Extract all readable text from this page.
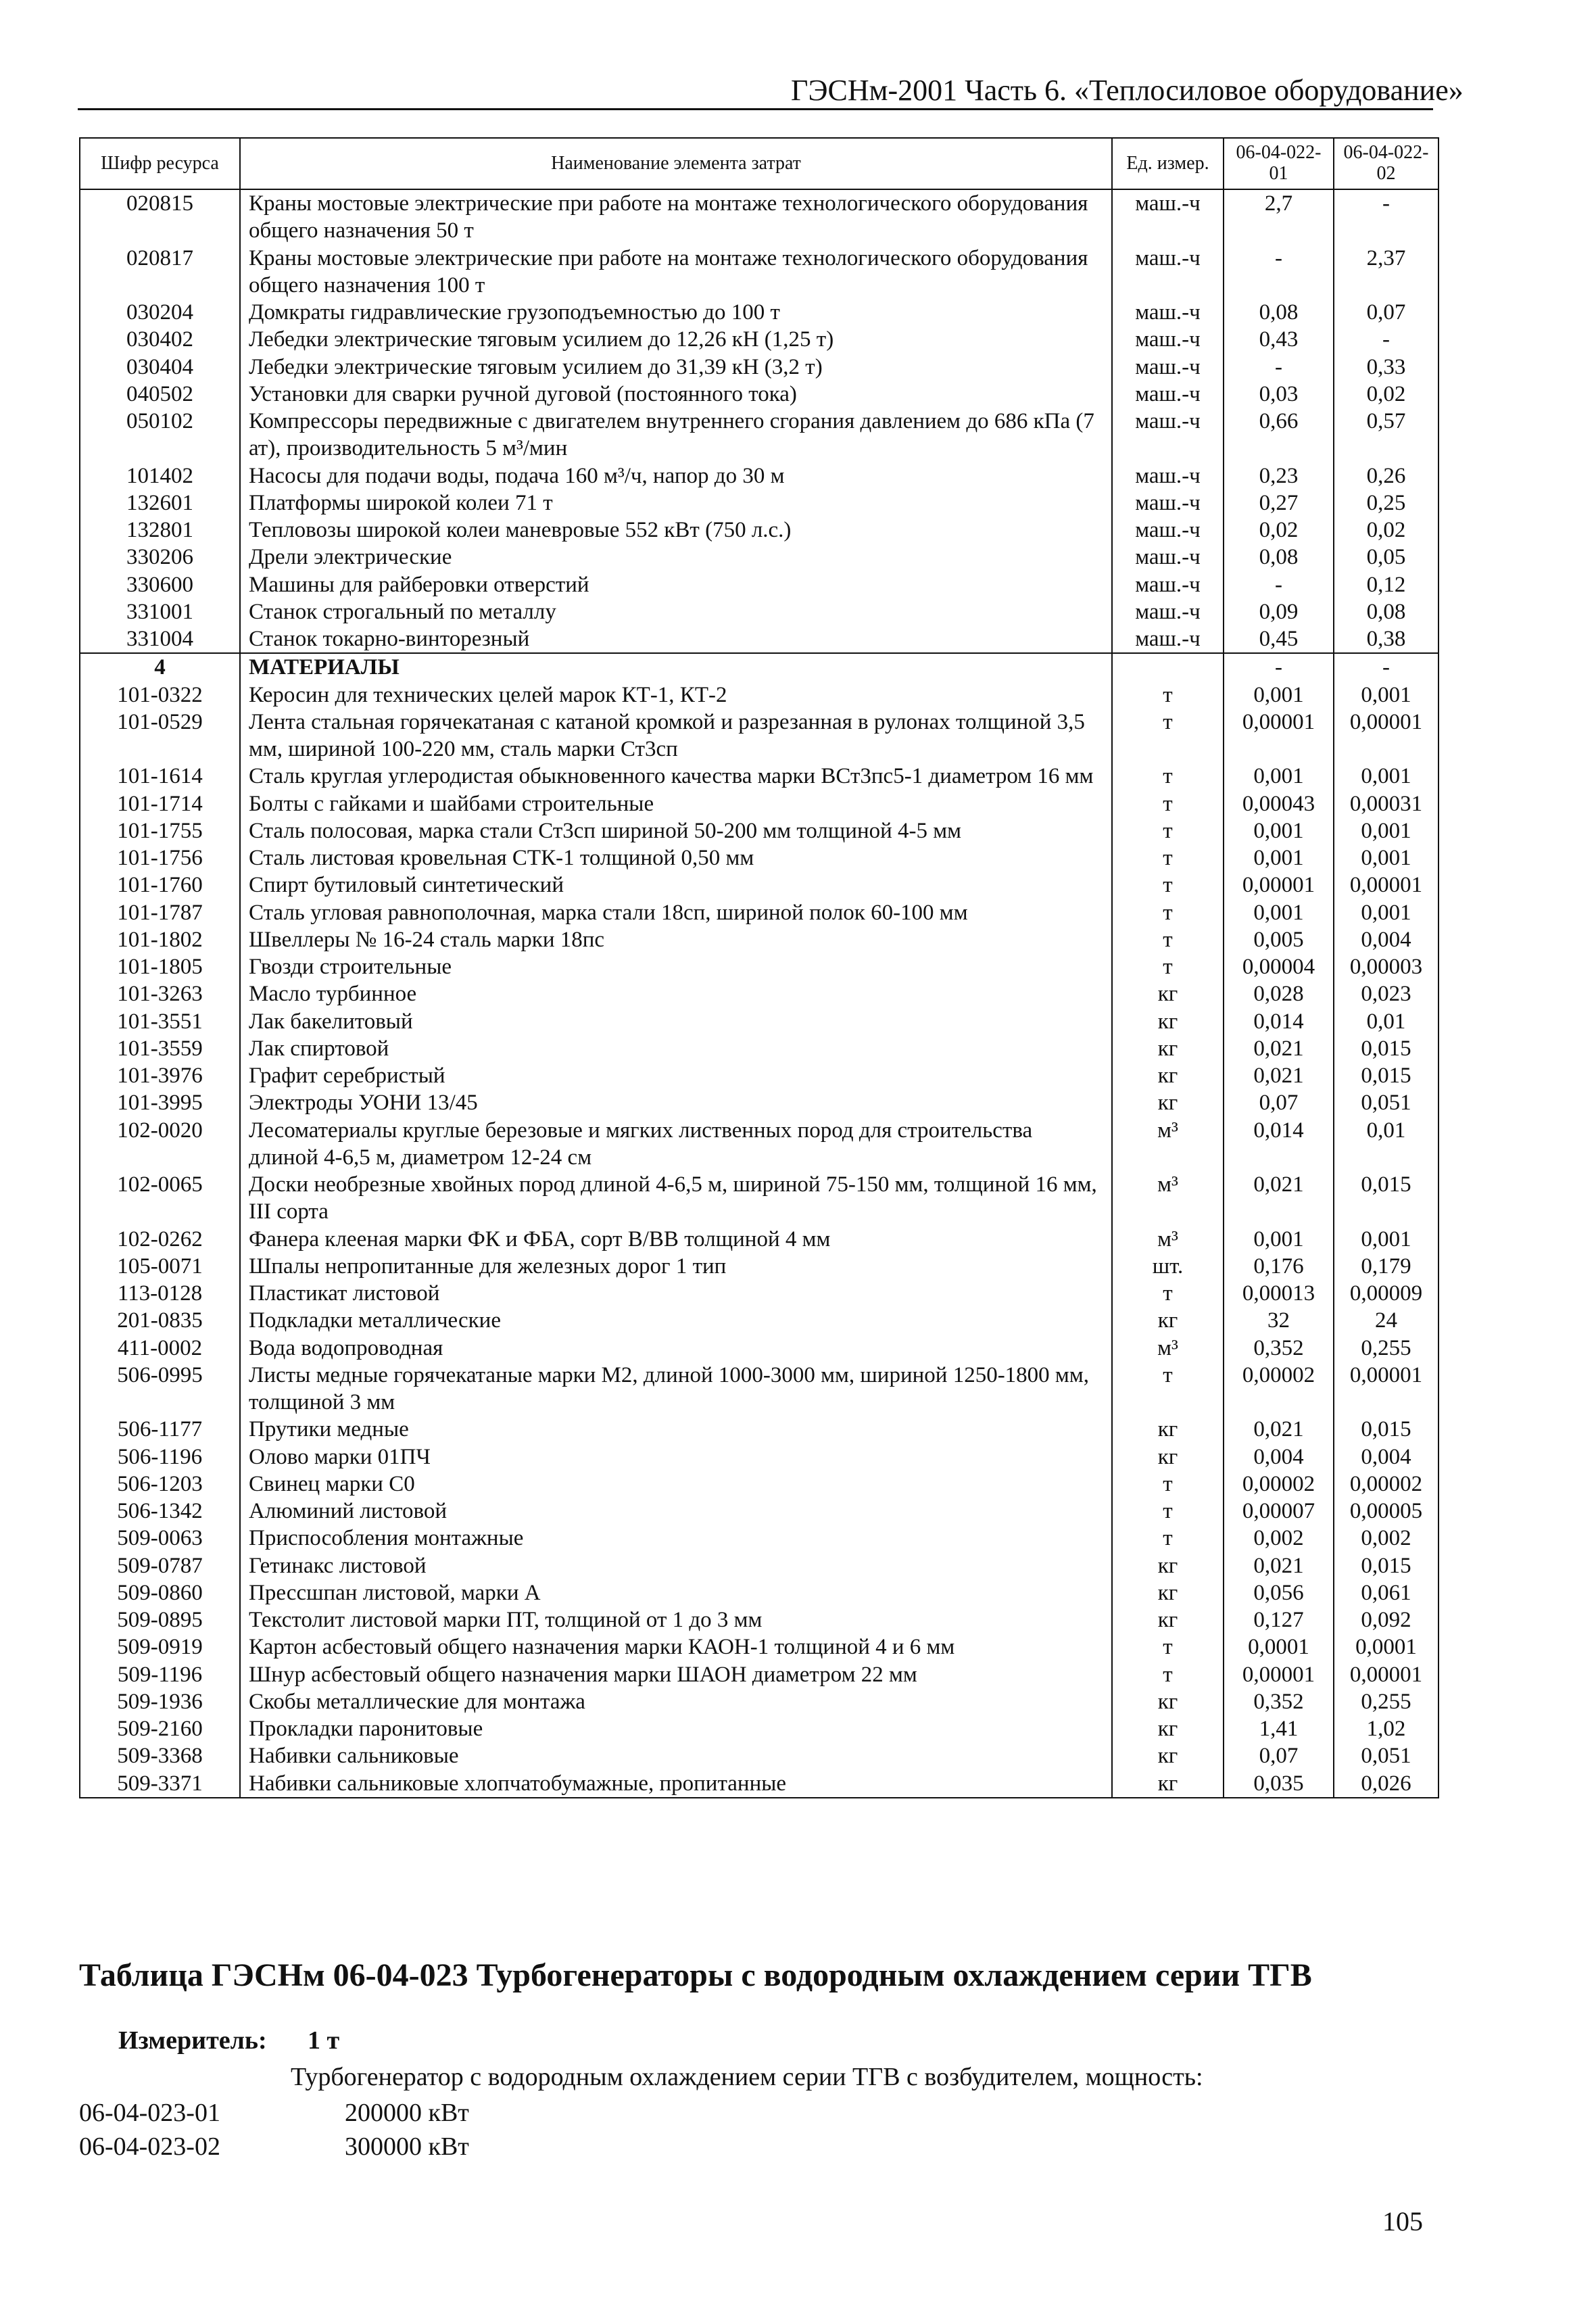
ГЭСНм-2001 Часть 6. «Теплосиловое оборудование»
Шифр ресурса	Наименование элемента затрат	Ед. измер.	06-04-022-01	06-04-022-02
020815	Краны мостовые электрические при работе на монтаже технологического оборудования общего назначения 50 т	маш.-ч	2,7	-
020817	Краны мостовые электрические при работе на монтаже технологического оборудования общего назначения 100 т	маш.-ч	-	2,37
030204	Домкраты гидравлические грузоподъемностью до 100 т	маш.-ч	0,08	0,07
030402	Лебедки электрические тяговым усилием до 12,26 кН (1,25 т)	маш.-ч	0,43	-
030404	Лебедки электрические тяговым усилием до 31,39 кН (3,2 т)	маш.-ч	-	0,33
040502	Установки для сварки ручной дуговой (постоянного тока)	маш.-ч	0,03	0,02
050102	Компрессоры передвижные с двигателем внутреннего сгорания давлением до 686 кПа (7 ат), производительность 5 м³/мин	маш.-ч	0,66	0,57
101402	Насосы для подачи воды, подача 160 м³/ч, напор до 30 м	маш.-ч	0,23	0,26
132601	Платформы широкой колеи 71 т	маш.-ч	0,27	0,25
132801	Тепловозы широкой колеи маневровые 552 кВт (750 л.с.)	маш.-ч	0,02	0,02
330206	Дрели электрические	маш.-ч	0,08	0,05
330600	Машины для райберовки отверстий	маш.-ч	-	0,12
331001	Станок строгальный по металлу	маш.-ч	0,09	0,08
331004	Станок токарно-винторезный	маш.-ч	0,45	0,38
4	МАТЕРИАЛЫ		-	-
101-0322	Керосин для технических целей марок КТ-1, КТ-2	т	0,001	0,001
101-0529	Лента стальная горячекатаная с катаной кромкой и разрезанная в рулонах толщиной 3,5 мм, шириной 100-220 мм, сталь марки Ст3сп	т	0,00001	0,00001
101-1614	Сталь круглая углеродистая обыкновенного качества марки ВСт3пс5-1 диаметром 16 мм	т	0,001	0,001
101-1714	Болты с гайками и шайбами строительные	т	0,00043	0,00031
101-1755	Сталь полосовая, марка стали Ст3сп шириной 50-200 мм толщиной 4-5 мм	т	0,001	0,001
101-1756	Сталь листовая кровельная СТК-1 толщиной 0,50 мм	т	0,001	0,001
101-1760	Спирт бутиловый синтетический	т	0,00001	0,00001
101-1787	Сталь угловая равнополочная, марка стали 18сп, шириной полок 60-100 мм	т	0,001	0,001
101-1802	Швеллеры № 16-24 сталь марки 18пс	т	0,005	0,004
101-1805	Гвозди строительные	т	0,00004	0,00003
101-3263	Масло турбинное	кг	0,028	0,023
101-3551	Лак бакелитовый	кг	0,014	0,01
101-3559	Лак спиртовой	кг	0,021	0,015
101-3976	Графит серебристый	кг	0,021	0,015
101-3995	Электроды УОНИ 13/45	кг	0,07	0,051
102-0020	Лесоматериалы круглые березовые и мягких лиственных пород для строительства длиной 4-6,5 м, диаметром 12-24 см	м³	0,014	0,01
102-0065	Доски необрезные хвойных пород длиной 4-6,5 м, шириной 75-150 мм, толщиной 16 мм, III сорта	м³	0,021	0,015
102-0262	Фанера клееная марки ФК и ФБА, сорт В/ВВ толщиной 4 мм	м³	0,001	0,001
105-0071	Шпалы непропитанные для железных дорог 1 тип	шт.	0,176	0,179
113-0128	Пластикат листовой	т	0,00013	0,00009
201-0835	Подкладки металлические	кг	32	24
411-0002	Вода водопроводная	м³	0,352	0,255
506-0995	Листы медные горячекатаные марки М2, длиной 1000-3000 мм, шириной 1250-1800 мм, толщиной 3 мм	т	0,00002	0,00001
506-1177	Прутики медные	кг	0,021	0,015
506-1196	Олово марки 01ПЧ	кг	0,004	0,004
506-1203	Свинец марки С0	т	0,00002	0,00002
506-1342	Алюминий листовой	т	0,00007	0,00005
509-0063	Приспособления монтажные	т	0,002	0,002
509-0787	Гетинакс листовой	кг	0,021	0,015
509-0860	Прессшпан листовой, марки А	кг	0,056	0,061
509-0895	Текстолит листовой марки ПТ, толщиной от 1 до 3 мм	кг	0,127	0,092
509-0919	Картон асбестовый общего назначения марки КАОН-1 толщиной 4 и 6 мм	т	0,0001	0,0001
509-1196	Шнур асбестовый общего назначения марки ШАОН диаметром 22 мм	т	0,00001	0,00001
509-1936	Скобы металлические для монтажа	кг	0,352	0,255
509-2160	Прокладки паронитовые	кг	1,41	1,02
509-3368	Набивки сальниковые	кг	0,07	0,051
509-3371	Набивки сальниковые хлопчатобумажные, пропитанные	кг	0,035	0,026
Таблица ГЭСНм 06-04-023 Турбогенераторы с водородным охлаждением серии ТГВ
Измеритель: 1 т
Турбогенератор с водородным охлаждением серии ТГВ с возбудителем, мощность:
06-04-023-01	200000 кВт
06-04-023-02	300000 кВт
105
